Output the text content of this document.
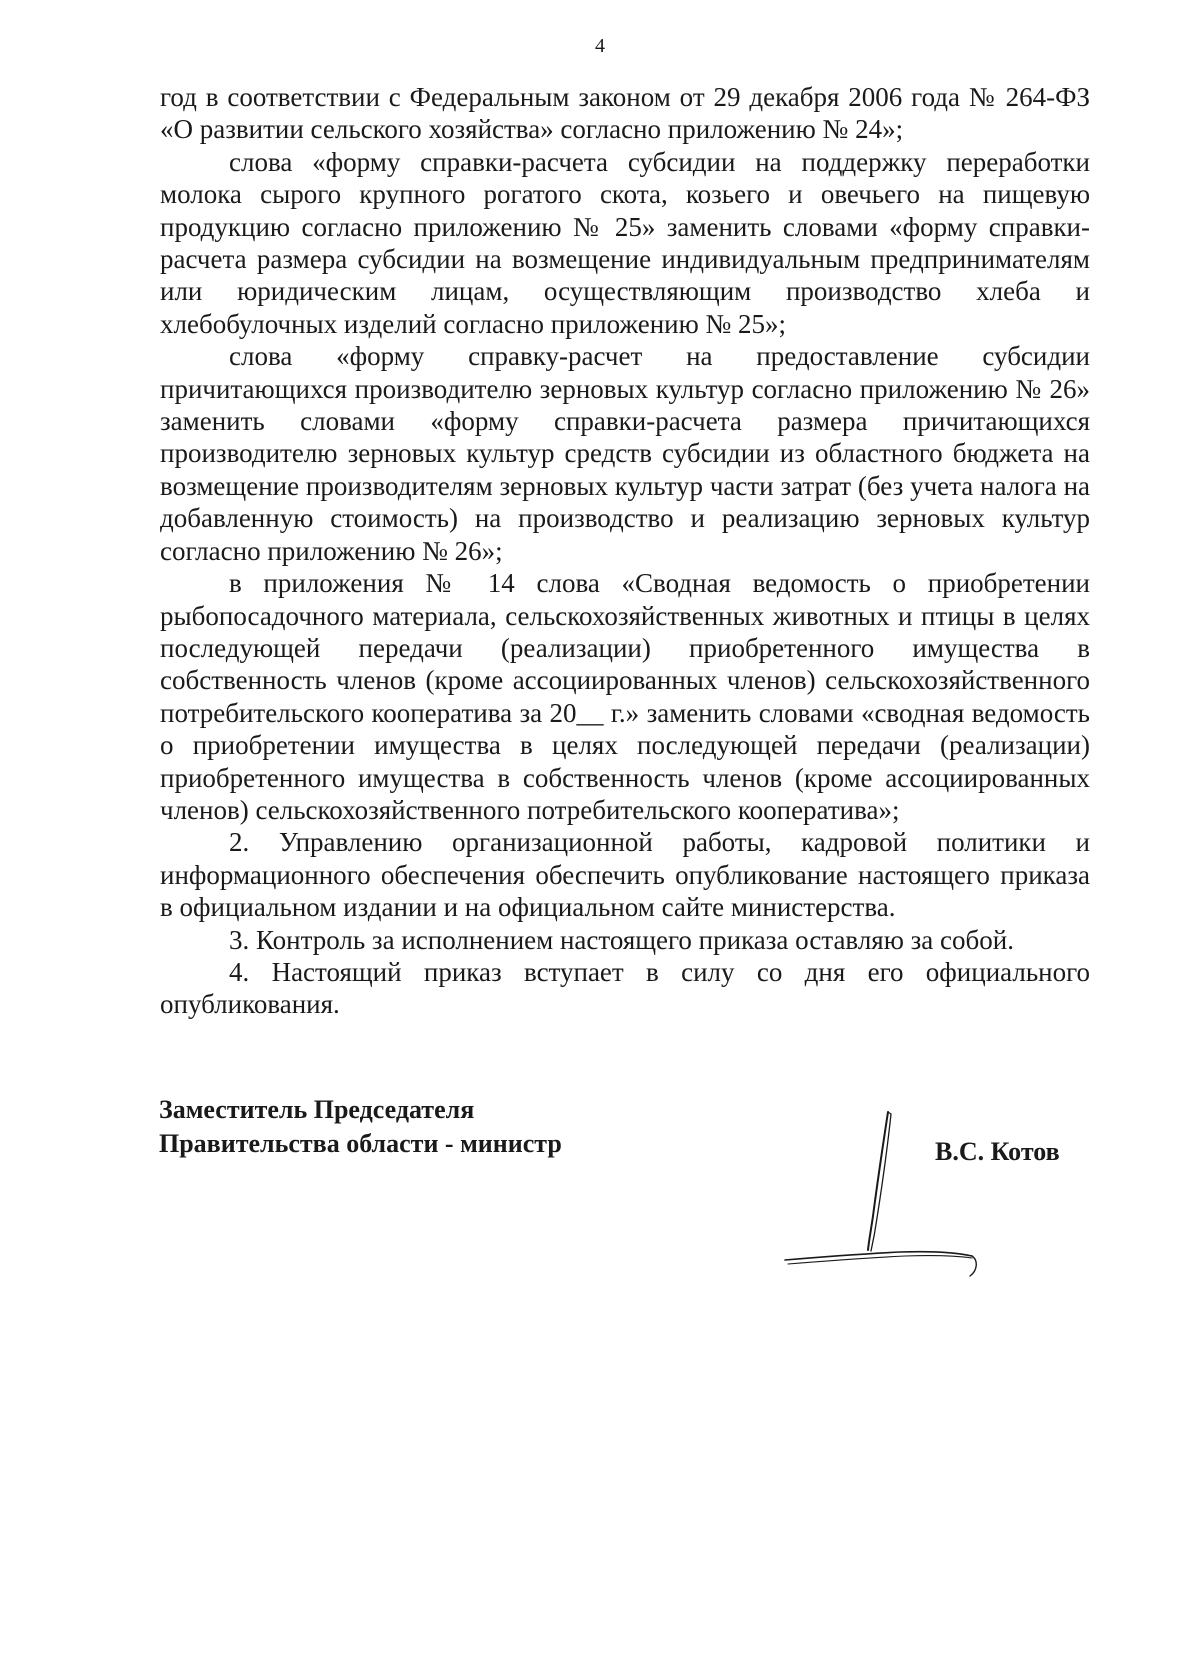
4

год в соответствии с Федеральным законом от 29 декабря 2006 года № 264-ФЗ «О развитии сельского хозяйства» согласно приложению № 24»;

слова «форму справки-расчета субсидии на поддержку переработки молока сырого крупного рогатого скота, козьего и овечьего на пищевую продукцию согласно приложению № 25» заменить словами «форму справки-расчета размера субсидии на возмещение индивидуальным предпринимателям или юридическим лицам, осуществляющим производство хлеба и хлебобулочных изделий согласно приложению № 25»;

слова «форму справку-расчет на предоставление субсидии причитающихся производителю зерновых культур согласно приложению № 26» заменить словами «форму справки-расчета размера причитающихся производителю зерновых культур средств субсидии из областного бюджета на возмещение производителям зерновых культур части затрат (без учета налога на добавленную стоимость) на производство и реализацию зерновых культур согласно приложению № 26»;

в приложения № 14 слова «Сводная ведомость о приобретении рыбопосадочного материала, сельскохозяйственных животных и птицы в целях последующей передачи (реализации) приобретенного имущества в собственность членов (кроме ассоциированных членов) сельскохозяйственного потребительского кооператива за 20__ г.» заменить словами «сводная ведомость о приобретении имущества в целях последующей передачи (реализации) приобретенного имущества в собственность членов (кроме ассоциированных членов) сельскохозяйственного потребительского кооператива»;

2. Управлению организационной работы, кадровой политики и информационного обеспечения обеспечить опубликование настоящего приказа в официальном издании и на официальном сайте министерства.

3. Контроль за исполнением настоящего приказа оставляю за собой.

4. Настоящий приказ вступает в силу со дня его официального опубликования.

Заместитель Председателя
Правительства области - министр	В.С. Котов
